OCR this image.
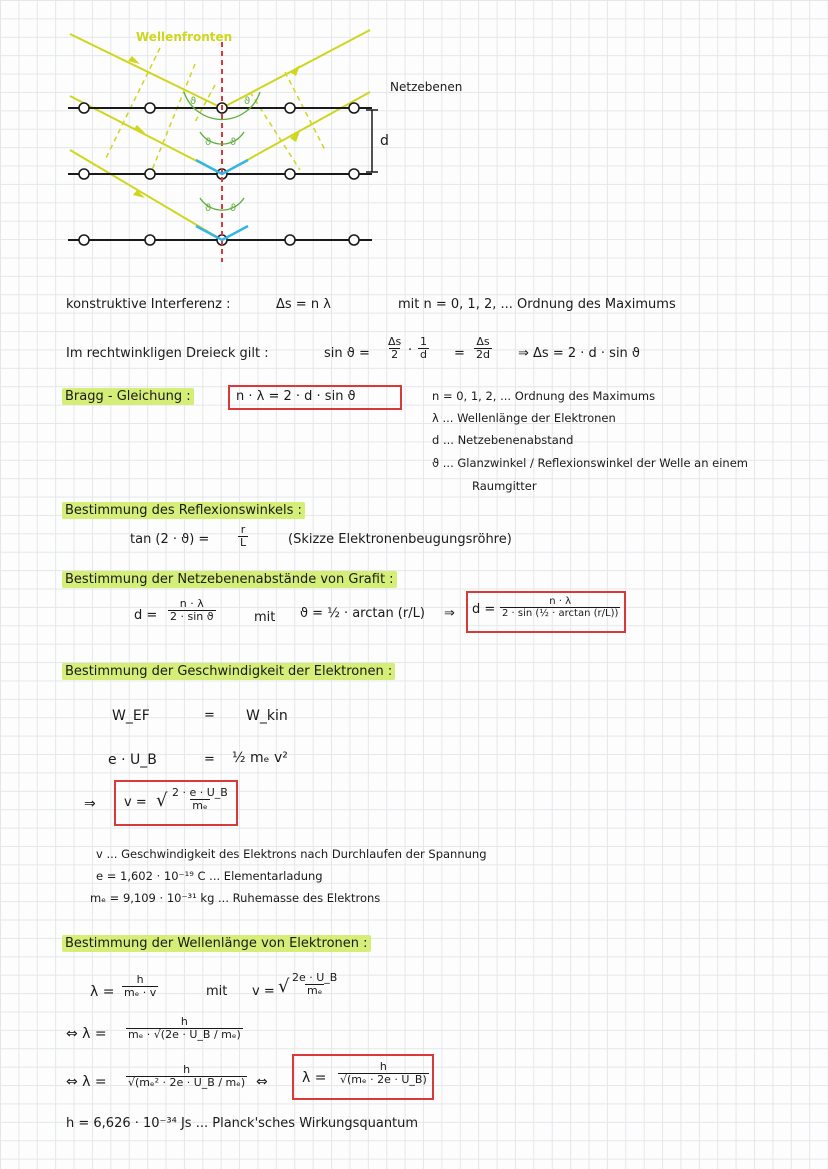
Wellenfronten
Netzebenen
d
ϑ	ϑ
ϑ ϑ
ϑ ϑ
konstruktive Interferenz :	Δs = n λ	mit n = 0, 1, 2, ... Ordnung des Maximums
Im rechtwinkligen Dreieck gilt :	$\sin ϑ = \frac{\Delta s}{2} \cdot \frac{1}{d} = \frac{\Delta s}{2d}$ ⇒ Δs = 2 · d · sin ϑ
Bragg - Gleichung :	n · λ = 2 · d · sin ϑ	n = 0, 1, 2, ... Ordnung des Maximums
λ ... Wellenlänge der Elektronen
d ... Netzebenenabstand
ϑ ... Glanzwinkel / Reflexionswinkel der Welle an einem
Raumgitter
Bestimmung des Reflexionswinkels :
tan (2 · ϑ) =	$\frac{r}{L}$	(Skizze Elektronenbeugungsröhre)
Bestimmung der Netzebenenabstände von Grafit :
$d = \frac{n \cdot \lambda}{\text{2 · sin ϑ}}$	mit ϑ = ½ · arctan (r/L) ⇒ $d = \frac{n \cdot \lambda}{\text{2 · sin (½ · arctan (r/L))}}$
Bestimmung der Geschwindigkeit der Elektronen :
W_EF	= W_kin
e · U_B	= ½ mₑ v²
⇒ v = √ $\frac{2 \cdot e \cdot U\_B}{\text{mₑ}}$
v ... Geschwindigkeit des Elektrons nach Durchlaufen der Spannung
e = 1,602 · 10⁻¹⁹ C ... Elementarladung
mₑ = 9,109 · 10⁻³¹ kg ... Ruhemasse des Elektrons
Bestimmung der Wellenlänge von Elektronen :
$\lambda = \frac{h}{\text{mₑ · v}}$	mit v = √ $\frac{2e \cdot U\_B}{\text{mₑ}}$
⇔ $\lambda = \frac{h}{\text{mₑ · √(2e · U\_B / mₑ)}}$
⇔ $\lambda = \frac{h}{\text{√(mₑ² · 2e · U\_B / mₑ)}}$ ⇔ $\lambda = \frac{h}{\text{√(mₑ · 2e · U\_B)}}$
h = 6,626 · 10⁻³⁴ Js ... Planck'sches Wirkungsquantum
